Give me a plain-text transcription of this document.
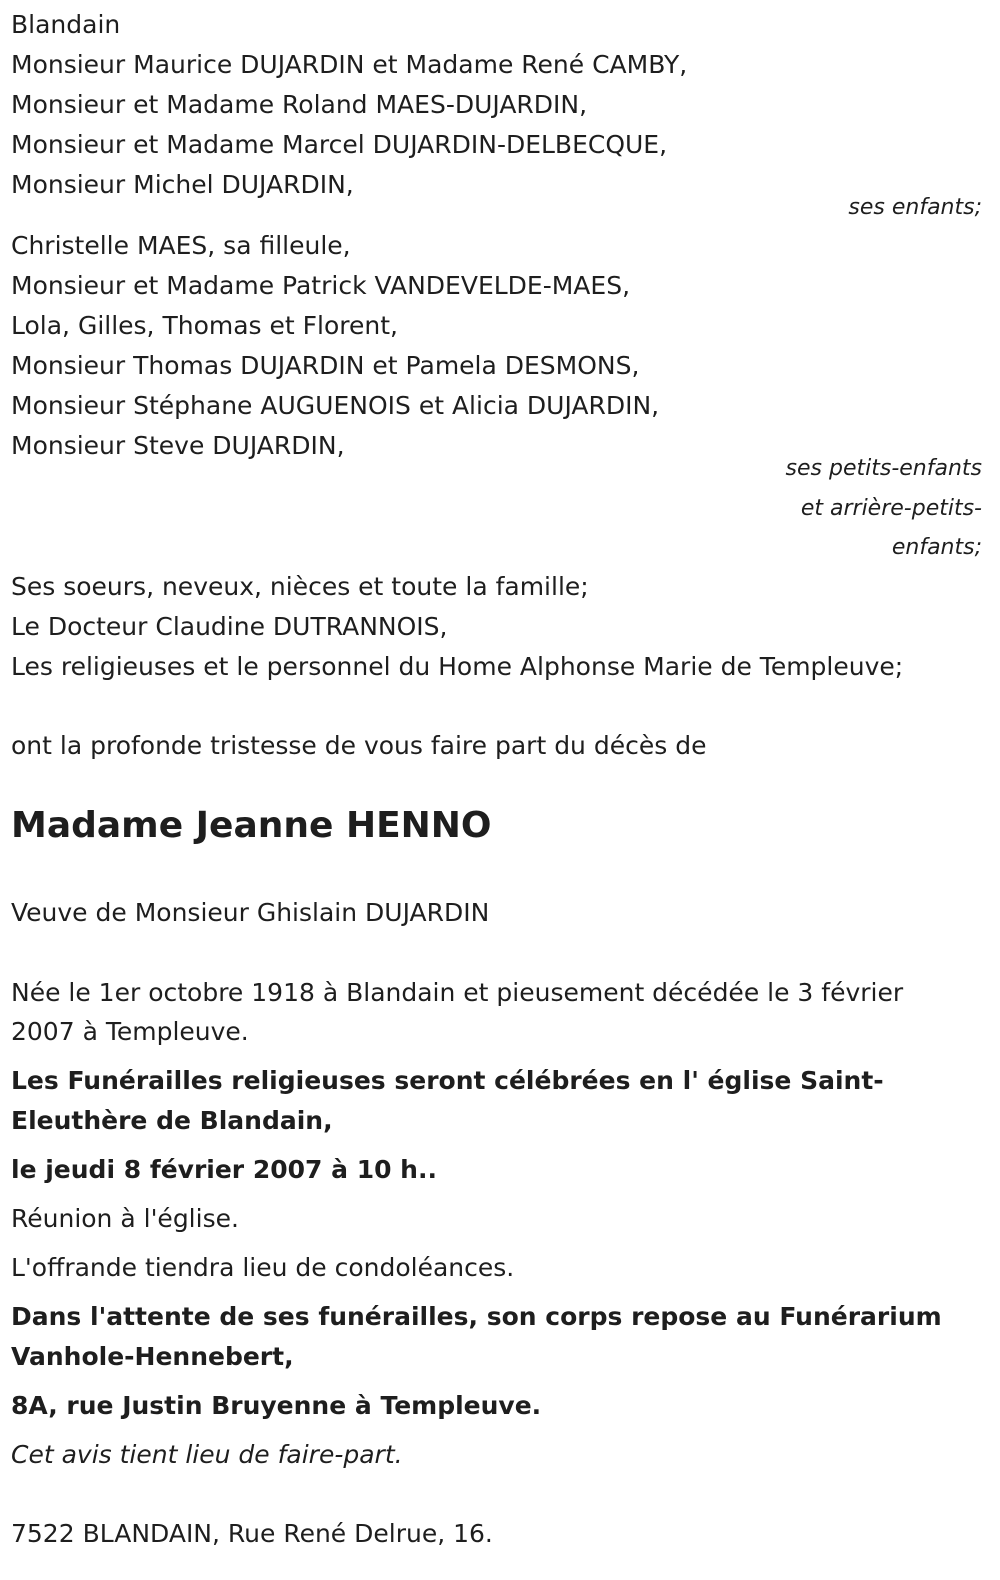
Blandain

Monsieur Maurice DUJARDIN et Madame René CAMBY,

Monsieur et Madame Roland MAES-DUJARDIN,

Monsieur et Madame Marcel DUJARDIN-DELBECQUE,

Monsieur Michel DUJARDIN,

ses enfants;

Christelle MAES, sa filleule,

Monsieur et Madame Patrick VANDEVELDE-MAES,

Lola, Gilles, Thomas et Florent,

Monsieur Thomas DUJARDIN et Pamela DESMONS,

Monsieur Stéphane AUGUENOIS et Alicia DUJARDIN,

Monsieur Steve DUJARDIN,

ses petits-enfants

et arrière-petits-

enfants;

Ses soeurs, neveux, nièces et toute la famille;

Le Docteur Claudine DUTRANNOIS,

Les religieuses et le personnel du Home Alphonse Marie de Templeuve;

ont la profonde tristesse de vous faire part du décès de

Madame Jeanne HENNO

Veuve de Monsieur Ghislain DUJARDIN

Née le 1er octobre 1918 à Blandain et pieusement décédée le 3 février

2007 à Templeuve.

Les Funérailles religieuses seront célébrées en l' église Saint-

Eleuthère de Blandain,

le jeudi 8 février 2007 à 10 h..

Réunion à l'église.

L'offrande tiendra lieu de condoléances.

Dans l'attente de ses funérailles, son corps repose au Funérarium

Vanhole-Hennebert,

8A, rue Justin Bruyenne à Templeuve.

Cet avis tient lieu de faire-part.

7522 BLANDAIN, Rue René Delrue, 16.
